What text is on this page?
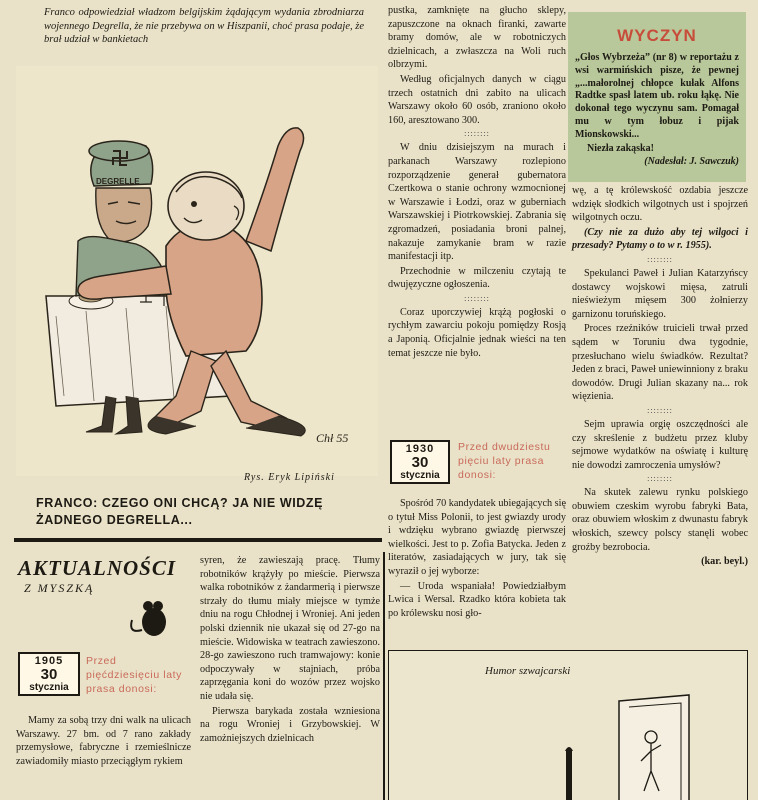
Franco odpowiedział władzom belgijskim żądającym wydania zbrodniarza wojennego Degrella, że nie przebywa on w Hiszpanii, choć prasa podaje, że brał udział w bankietach
DEGRELLE
Chł 55
Rys. Eryk Lipiński
FRANCO: CZEGO ONI CHCĄ? JA NIE WIDZĘ ŻADNEGO DEGRELLA...

pustka, zamknięte na głucho sklepy, zapuszczone na oknach firanki, zawarte bramy domów, ale w robotniczych dzielnicach, a zwłaszcza na Woli ruch olbrzymi.

Według oficjalnych danych w ciągu trzech ostatnich dni zabito na ulicach Warszawy około 60 osób, zraniono około 160, aresztowano 300.

::::::::

W dniu dzisiejszym na murach i parkanach Warszawy rozlepiono rozporządzenie generał gubernatora Czertkowa o stanie ochrony wzmocnionej w Warszawie i Łodzi, oraz w guberniach Warszawskiej i Piotrkowskiej. Zabrania się zgromadzeń, posiadania broni palnej, nakazuje zamykanie bram w razie manifestacji itp.

Przechodnie w milczeniu czytają te dwujęzyczne ogłoszenia.

::::::::

Coraz uporczywiej krążą pogłoski o rychłym zawarciu pokoju pomiędzy Rosją a Japonią. Oficjalnie jednak wieści na ten temat jeszcze nie było.

1930
30
stycznia
Przed dwudziestu pięciu laty prasa donosi:

Spośród 70 kandydatek ubiegających się o tytuł Miss Polonii, to jest gwiazdy urody i wdzięku wybrano gwiazdę pierwszej wielkości. Jest to p. Zofia Batycka. Jeden z literatów, zasiadających w jury, tak się wyraził o jej wyborze:

— Uroda wspaniała! Powiedziałbym Lwica i Wersal. Rzadko która kobieta tak po królewsku nosi gło-

WYCZYN
„Głos Wybrzeża” (nr 8) w reportażu z wsi warmińskich pisze, że pewnej „...małorolnej chłopce kułak Alfons Radtke spasł latem ub. roku łąkę. Nie dokonał tego wyczynu sam. Pomagał mu w tym łobuz i pijak Mionskowski...
Niezła zakąska!
(Nadesłał: J. Sawczuk)

wę, a tę królewskość ozdabia jeszcze wdzięk słodkich wilgotnych ust i spojrzeń wilgotnych oczu.

(Czy nie za dużo aby tej wilgoci i przesady? Pytamy o to w r. 1955).

::::::::

Spekulanci Paweł i Julian Katarzyńscy dostawcy wojskowi mięsa, zatruli nieświeżym mięsem 300 żołnierzy garnizonu toruńskiego.

Proces rzeźników truicieli trwał przed sądem w Toruniu dwa tygodnie, przesłuchano wielu świadków. Rezultat? Jeden z braci, Paweł uniewinniony z braku dowodów. Drugi Julian skazany na... rok więzienia.

::::::::

Sejm uprawia orgię oszczędności ale czy skreślenie z budżetu przez kluby sejmowe wydatków na oświatę i kulturę nie dowodzi zamroczenia umysłów?

::::::::

Na skutek zalewu rynku polskiego obuwiem czeskim wyrobu fabryki Bata, oraz obuwiem włoskim z dwunastu fabryk włoskich, szewcy polscy stanęli wobec groźby bezrobocia.

(kar. beyl.)
AKTUALNOŚCI
Z MYSZKĄ
1905
30
stycznia
Przed pięćdziesięciu laty prasa donosi:

Mamy za sobą trzy dni walk na ulicach Warszawy. 27 bm. od 7 rano zakłady przemysłowe, fabryczne i rzemieślnicze zawiadomiły miasto przeciągłym rykiem

syren, że zawieszają pracę. Tłumy robotników krążyły po mieście. Pierwsza walka robotników z żandarmerią i pierwsze strzały do tłumu miały miejsce w tymże dniu na rogu Chłodnej i Wroniej. Ani jeden polski dziennik nie ukazał się od 27-go na mieście. Widowiska w teatrach zawieszono. 28-go zawieszono ruch tramwajowy: konie odpoczywały w stajniach, próba zaprzęgania koni do wozów przez wojsko nie udała się.

Pierwsza barykada została wzniesiona na rogu Wroniej i Grzybowskiej. W zamożniejszych dzielnicach

Humor szwajcarski
